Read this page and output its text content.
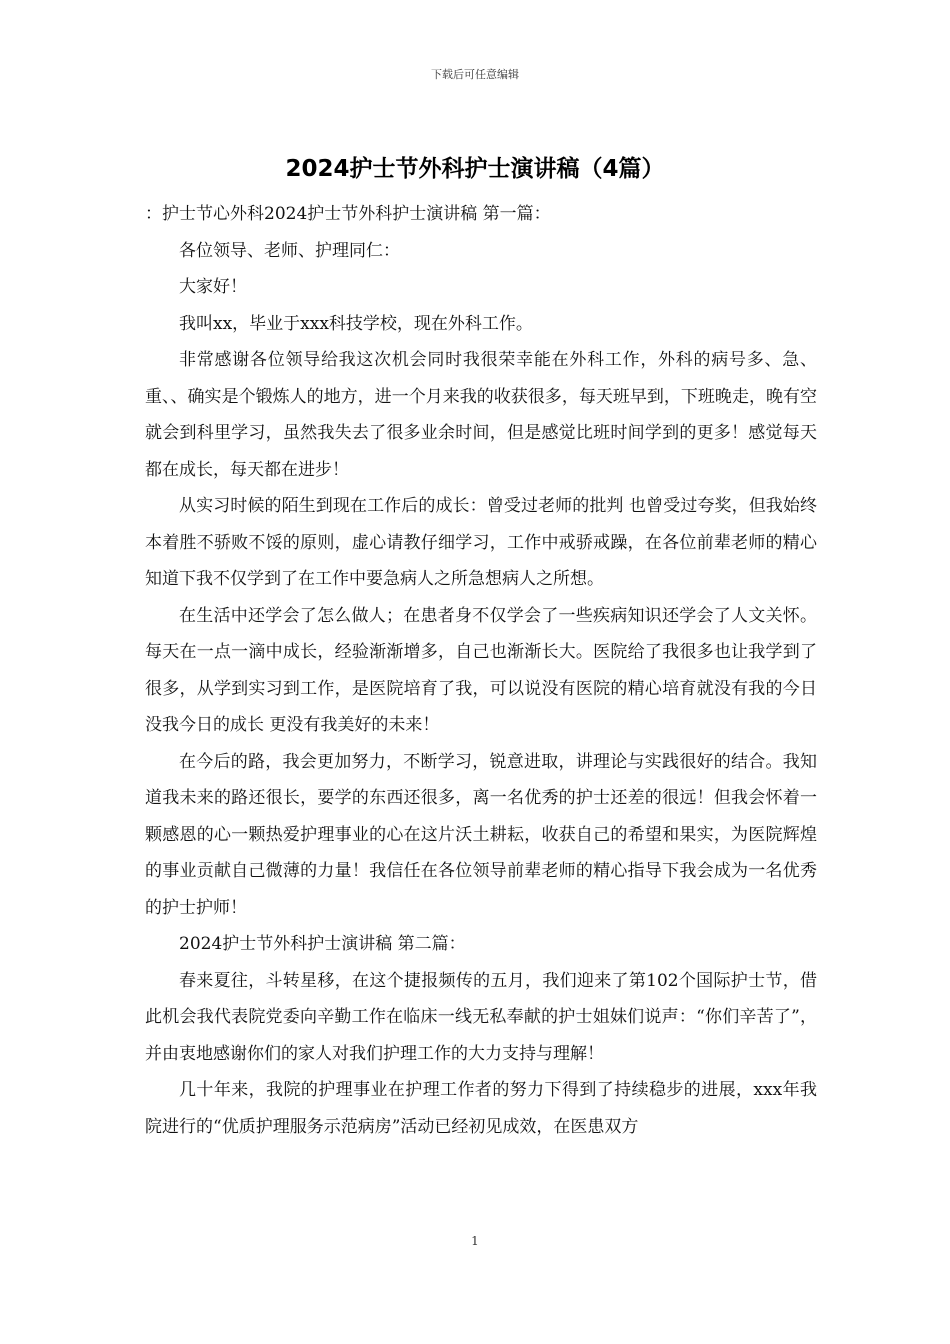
下载后可任意编辑
2024护士节外科护士演讲稿（4篇）

：护士节心外科2024护士节外科护士演讲稿 第一篇：

各位领导、老师、护理同仁：

大家好！

我叫xx，毕业于xxx科技学校，现在外科工作。

非常感谢各位领导给我这次机会同时我很荣幸能在外科工作，外科的病号多、急、重、、确实是个锻炼人的地方，进一个月来我的收获很多，每天班早到，下班晚走，晚有空就会到科里学习，虽然我失去了很多业余时间，但是感觉比班时间学到的更多！感觉每天都在成长，每天都在进步！

从实习时候的陌生到现在工作后的成长：曾受过老师的批判 也曾受过夸奖，但我始终本着胜不骄败不馁的原则，虚心请教仔细学习，工作中戒骄戒躁，在各位前辈老师的精心知道下我不仅学到了在工作中要急病人之所急想病人之所想。

在生活中还学会了怎么做人；在患者身不仅学会了一些疾病知识还学会了人文关怀。每天在一点一滴中成长，经验渐渐增多，自己也渐渐长大。医院给了我很多也让我学到了很多，从学到实习到工作，是医院培育了我，可以说没有医院的精心培育就没有我的今日 没我今日的成长 更没有我美好的未来！

在今后的路，我会更加努力，不断学习，锐意进取，讲理论与实践很好的结合。我知道我未来的路还很长，要学的东西还很多，离一名优秀的护士还差的很远！但我会怀着一颗感恩的心一颗热爱护理事业的心在这片沃土耕耘，收获自己的希望和果实，为医院辉煌的事业贡献自己微薄的力量！我信任在各位领导前辈老师的精心指导下我会成为一名优秀的护士护师！

2024护士节外科护士演讲稿 第二篇：

春来夏往，斗转星移，在这个捷报频传的五月，我们迎来了第102个国际护士节，借此机会我代表院党委向辛勤工作在临床一线无私奉献的护士姐妹们说声：“你们辛苦了”，并由衷地感谢你们的家人对我们护理工作的大力支持与理解！

几十年来，我院的护理事业在护理工作者的努力下得到了持续稳步的进展，xxx年我院进行的“优质护理服务示范病房”活动已经初见成效，在医患双方

1
